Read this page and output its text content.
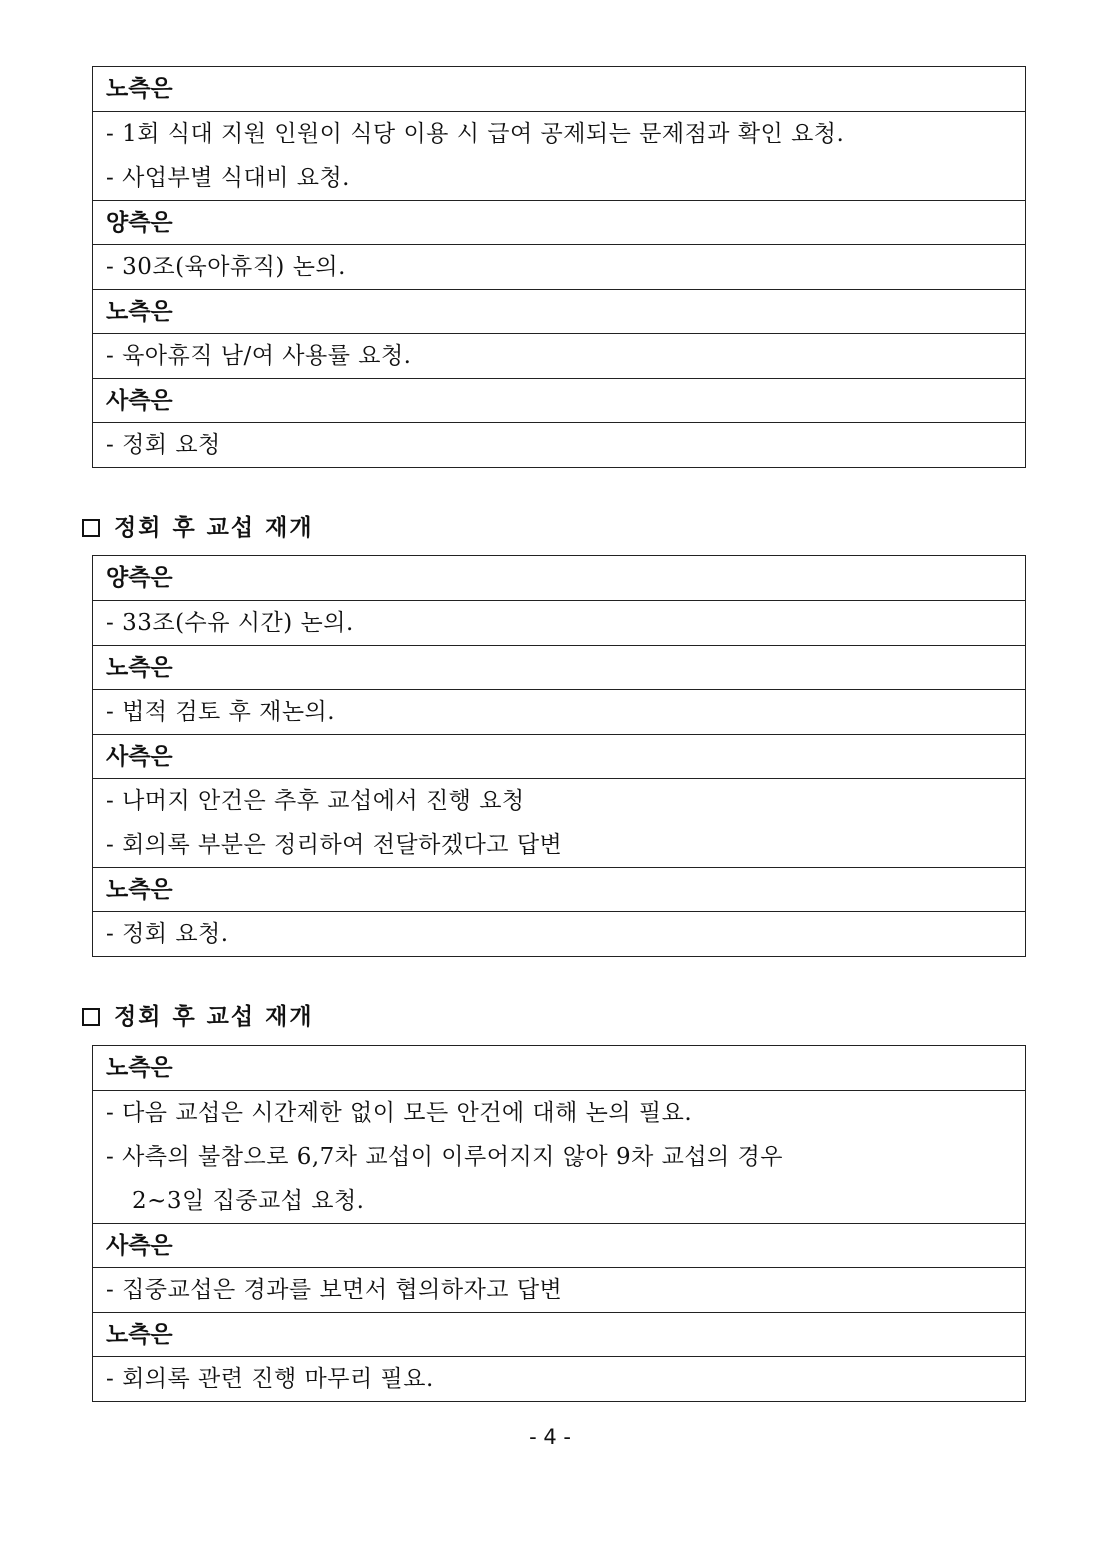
노측은
- 1회 식대 지원 인원이 식당 이용 시 급여 공제되는 문제점과 확인 요청.
- 사업부별 식대비 요청.
양측은
- 30조(육아휴직) 논의.
노측은
- 육아휴직 남/여 사용률 요청.
사측은
- 정회 요청
정회 후 교섭 재개
양측은
- 33조(수유 시간) 논의.
노측은
- 법적 검토 후 재논의.
사측은
- 나머지 안건은 추후 교섭에서 진행 요청
- 회의록 부분은 정리하여 전달하겠다고 답변
노측은
- 정회 요청.
정회 후 교섭 재개
노측은
- 다음 교섭은 시간제한 없이 모든 안건에 대해 논의 필요.
- 사측의 불참으로 6,7차 교섭이 이루어지지 않아 9차 교섭의 경우
2~3일 집중교섭 요청.
사측은
- 집중교섭은 경과를 보면서 협의하자고 답변
노측은
- 회의록 관련 진행 마무리 필요.
- 4 -
